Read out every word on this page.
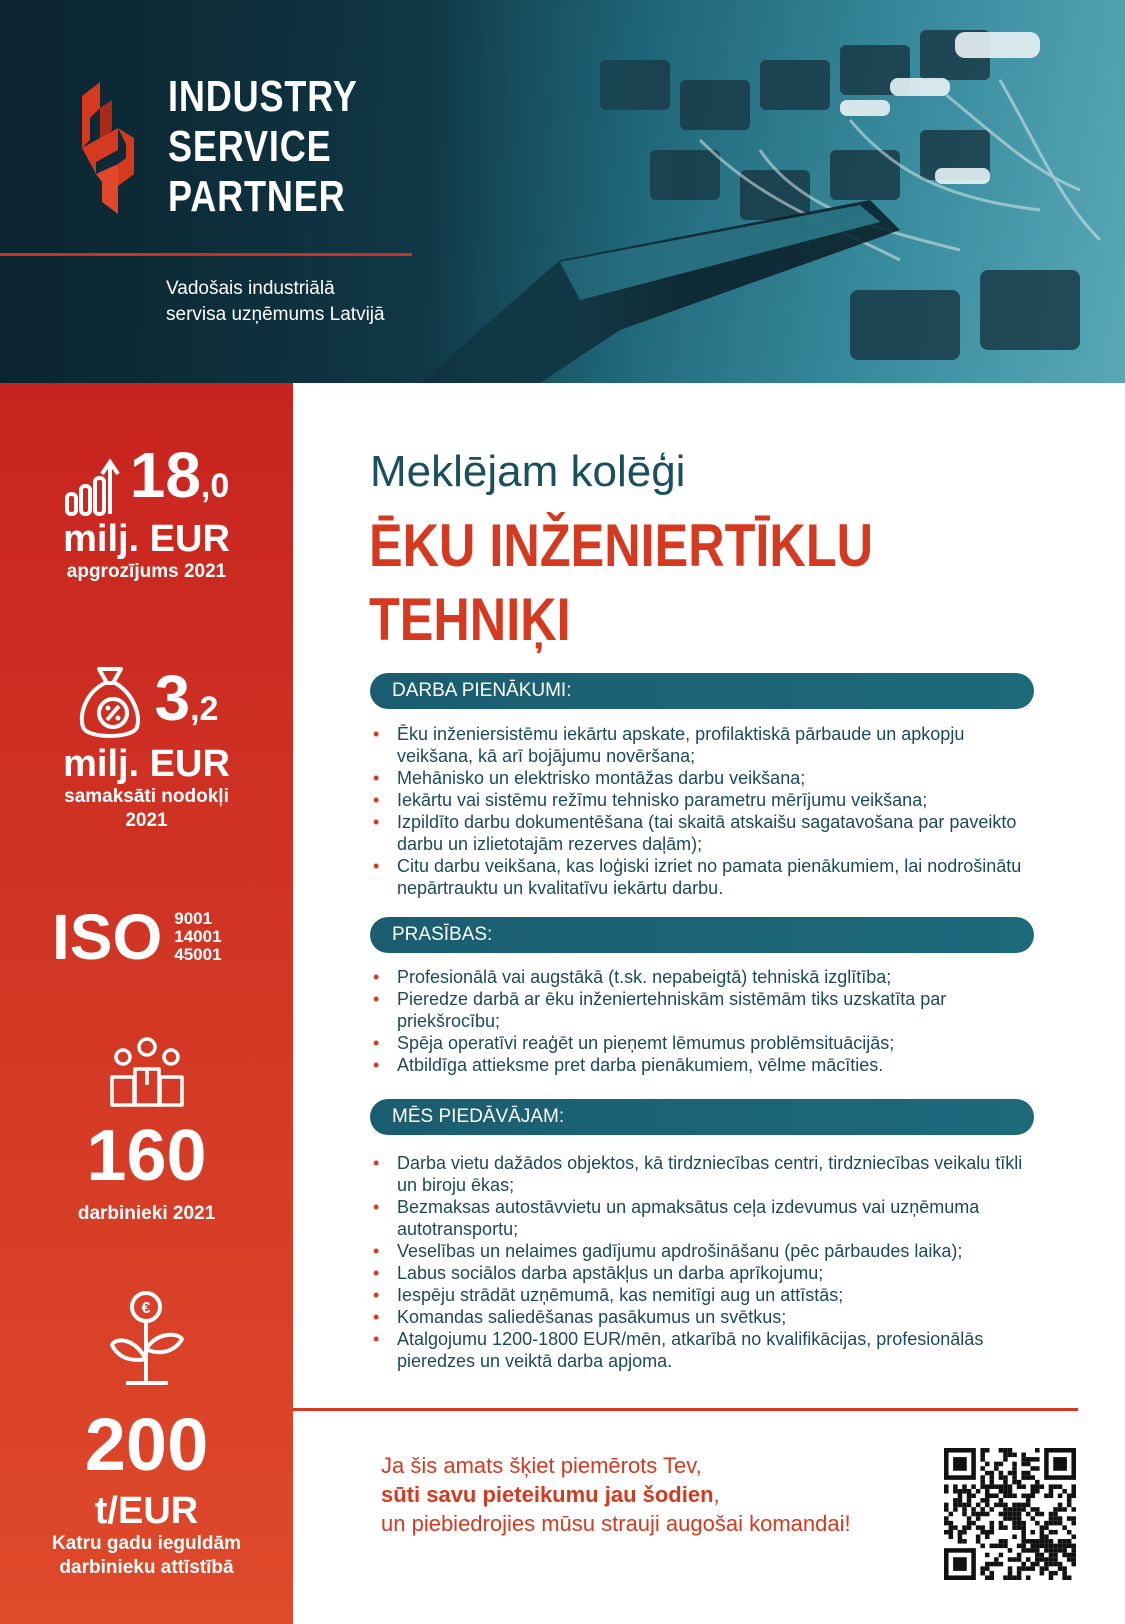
INDUSTRY
SERVICE
PARTNER
Vadošais industriālā
servisa uzņēmums Latvijā
18,0
milj. EUR
apgrozījums 2021
3,2
milj. EUR
samaksāti nodokļi
2021
ISO 9001
14001
45001
160
darbinieki 2021
€
200
t/EUR
Katru gadu ieguldām
darbinieku attīstībā
Meklējam kolēģi
ĒKU INŽENIERTĪKLU
TEHNIĶI
DARBA PIENĀKUMI:
• Ēku inženiersistēmu iekārtu apskate, profilaktiskā pārbaude un apkopju veikšana, kā arī bojājumu novēršana;
• Mehānisko un elektrisko montāžas darbu veikšana;
• Iekārtu vai sistēmu režīmu tehnisko parametru mērījumu veikšana;
• Izpildīto darbu dokumentēšana (tai skaitā atskaišu sagatavošana par paveikto darbu un izlietotajām rezerves daļām);
• Citu darbu veikšana, kas loģiski izriet no pamata pienākumiem, lai nodrošinātu nepārtrauktu un kvalitatīvu iekārtu darbu.
PRASĪBAS:
• Profesionālā vai augstākā (t.sk. nepabeigtā) tehniskā izglītība;
• Pieredze darbā ar ēku inženiertehniskām sistēmām tiks uzskatīta par priekšrocību;
• Spēja operatīvi reaģēt un pieņemt lēmumus problēmsituācijās;
• Atbildīga attieksme pret darba pienākumiem, vēlme mācīties.
MĒS PIEDĀVĀJAM:
• Darba vietu dažādos objektos, kā tirdzniecības centri, tirdzniecības veikalu tīkli un biroju ēkas;
• Bezmaksas autostāvvietu un apmaksātus ceļa izdevumus vai uzņēmuma autotransportu;
• Veselības un nelaimes gadījumu apdrošināšanu (pēc pārbaudes laika);
• Labus sociālos darba apstākļus un darba aprīkojumu;
• Iespēju strādāt uzņēmumā, kas nemitīgi aug un attīstās;
• Komandas saliedēšanas pasākumus un svētkus;
• Atalgojumu 1200-1800 EUR/mēn, atkarībā no kvalifikācijas, profesionālās pieredzes un veiktā darba apjoma.
Ja šis amats šķiet piemērots Tev,
sūti savu pieteikumu jau šodien,
un piebiedrojies mūsu strauji augošai komandai!
